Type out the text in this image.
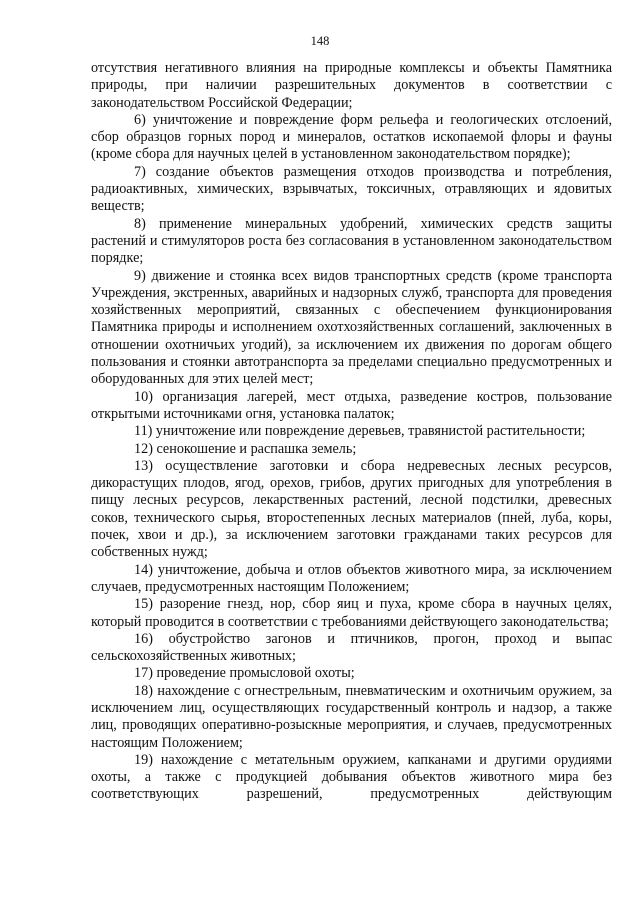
148

отсутствия негативного влияния на природные комплексы и объекты Памятника природы, при наличии разрешительных документов в соответствии с законодательством Российской Федерации;

6) уничтожение и повреждение форм рельефа и геологических отслоений, сбор образцов горных пород и минералов, остатков ископаемой флоры и фауны (кроме сбора для научных целей в установленном законодательством порядке);

7) создание объектов размещения отходов производства и потребления, радиоактивных, химических, взрывчатых, токсичных, отравляющих и ядовитых веществ;

8) применение минеральных удобрений, химических средств защиты растений и стимуляторов роста без согласования в установленном законодательством порядке;

9) движение и стоянка всех видов транспортных средств (кроме транспорта Учреждения, экстренных, аварийных и надзорных служб, транспорта для проведения хозяйственных мероприятий, связанных с обеспечением функционирования Памятника природы и исполнением охотхозяйственных соглашений, заключенных в отношении охотничьих угодий), за исключением их движения по дорогам общего пользования и стоянки автотранспорта за пределами специально предусмотренных и оборудованных для этих целей мест;

10) организация лагерей, мест отдыха, разведение костров, пользование открытыми источниками огня, установка палаток;

11) уничтожение или повреждение деревьев, травянистой растительности;

12) сенокошение и распашка земель;

13) осуществление заготовки и сбора недревесных лесных ресурсов, дикорастущих плодов, ягод, орехов, грибов, других пригодных для употребления в пищу лесных ресурсов, лекарственных растений, лесной подстилки, древесных соков, технического сырья, второстепенных лесных материалов (пней, луба, коры, почек, хвои и др.), за исключением заготовки гражданами таких ресурсов для собственных нужд;

14) уничтожение, добыча и отлов объектов животного мира, за исключением случаев, предусмотренных настоящим Положением;

15) разорение гнезд, нор, сбор яиц и пуха, кроме сбора в научных целях, который проводится в соответствии с требованиями действующего законодательства;

16) обустройство загонов и птичников, прогон, проход и выпас сельскохозяйственных животных;

17) проведение промысловой охоты;

18) нахождение с огнестрельным, пневматическим и охотничьим оружием, за исключением лиц, осуществляющих государственный контроль и надзор, а также лиц, проводящих оперативно-розыскные мероприятия, и случаев, предусмотренных настоящим Положением;

19) нахождение с метательным оружием, капканами и другими орудиями охоты, а также с продукцией добывания объектов животного мира без соответствующих разрешений, предусмотренных действующим
